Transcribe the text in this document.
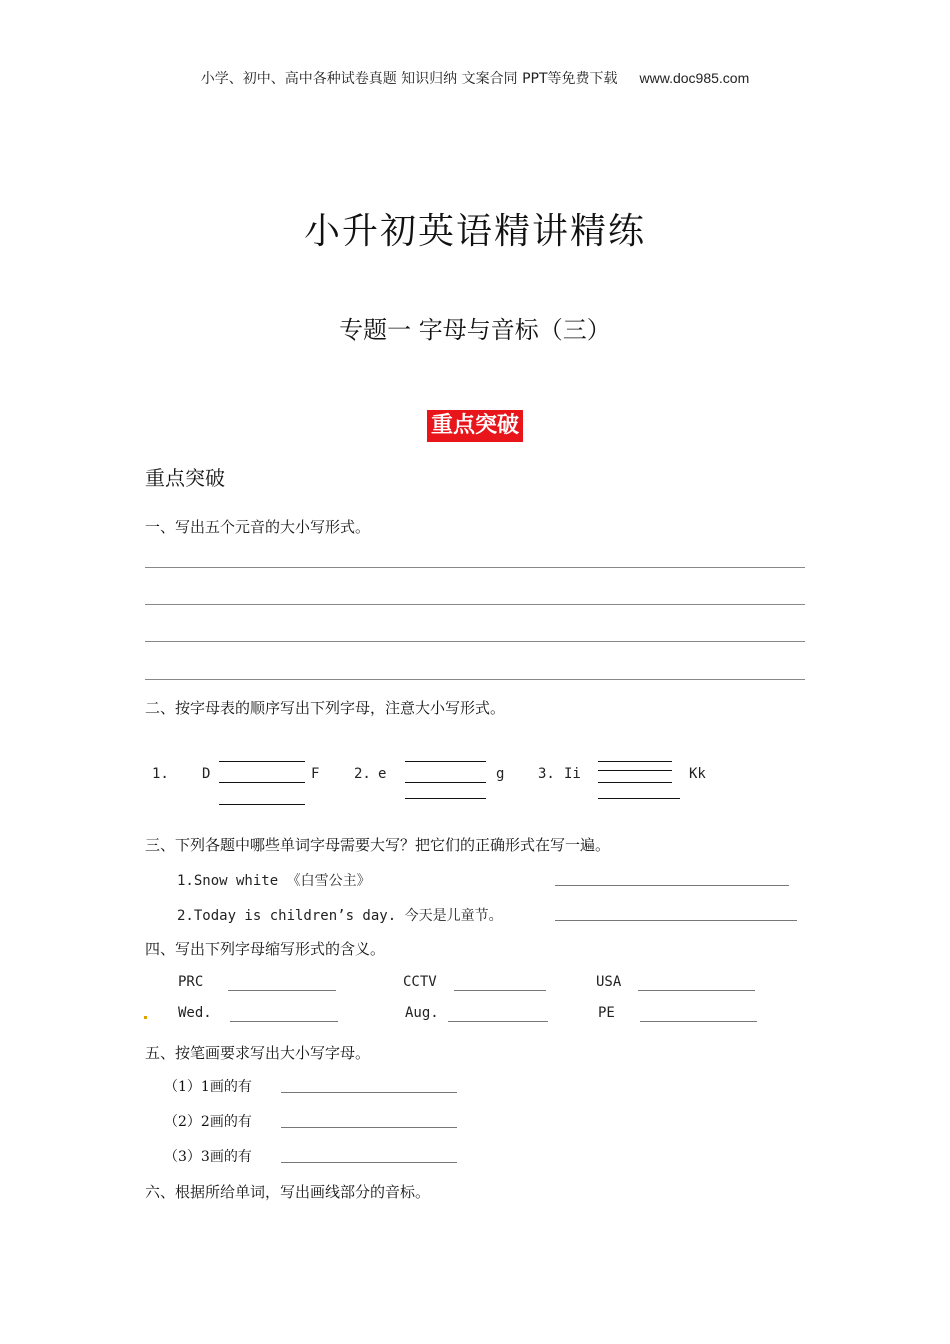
小学、初中、高中各种试卷真题 知识归纳 文案合同 PPT等免费下载 www.doc985.com
小升初英语精讲精练
专题一 字母与音标（三）
重点突破
重点突破
一、写出五个元音的大小写形式。
二、按字母表的顺序写出下列字母，注意大小写形式。
1. D	F 2. e	g 3. Ii	Kk
三、下列各题中哪些单词字母需要大写？把它们的正确形式在写一遍。
1.Snow white 《白雪公主》
2.Today is children’s day. 今天是儿童节。
四、写出下列字母缩写形式的含义。
PRC	CCTV	USA
Wed.	Aug.	PE
五、按笔画要求写出大小写字母。
（1）1画的有
（2）2画的有
（3）3画的有
六、根据所给单词，写出画线部分的音标。
